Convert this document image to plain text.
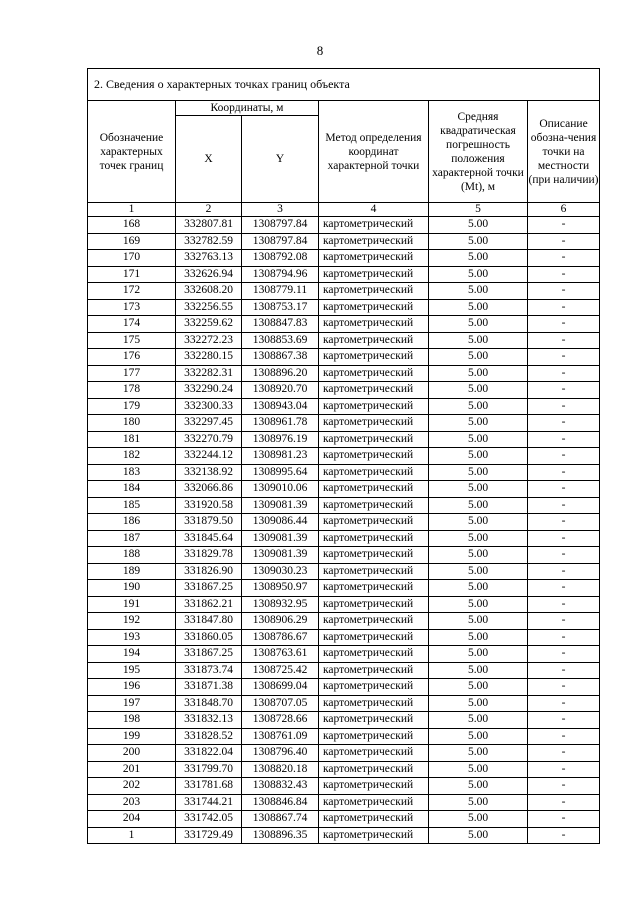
8
2. Сведения о характерных точках границ объекта					
Обозначение характерных точек границ	Координаты, м		Метод определения координат характерной точки	Средняя квадратическая погрешность положения характерной точки (Mt), м	Описание обозна-чения точки на местности (при наличии)
	X	Y			
1	2	3	4	5	6
168	332807.81	1308797.84	картометрический	5.00	-
169	332782.59	1308797.84	картометрический	5.00	-
170	332763.13	1308792.08	картометрический	5.00	-
171	332626.94	1308794.96	картометрический	5.00	-
172	332608.20	1308779.11	картометрический	5.00	-
173	332256.55	1308753.17	картометрический	5.00	-
174	332259.62	1308847.83	картометрический	5.00	-
175	332272.23	1308853.69	картометрический	5.00	-
176	332280.15	1308867.38	картометрический	5.00	-
177	332282.31	1308896.20	картометрический	5.00	-
178	332290.24	1308920.70	картометрический	5.00	-
179	332300.33	1308943.04	картометрический	5.00	-
180	332297.45	1308961.78	картометрический	5.00	-
181	332270.79	1308976.19	картометрический	5.00	-
182	332244.12	1308981.23	картометрический	5.00	-
183	332138.92	1308995.64	картометрический	5.00	-
184	332066.86	1309010.06	картометрический	5.00	-
185	331920.58	1309081.39	картометрический	5.00	-
186	331879.50	1309086.44	картометрический	5.00	-
187	331845.64	1309081.39	картометрический	5.00	-
188	331829.78	1309081.39	картометрический	5.00	-
189	331826.90	1309030.23	картометрический	5.00	-
190	331867.25	1308950.97	картометрический	5.00	-
191	331862.21	1308932.95	картометрический	5.00	-
192	331847.80	1308906.29	картометрический	5.00	-
193	331860.05	1308786.67	картометрический	5.00	-
194	331867.25	1308763.61	картометрический	5.00	-
195	331873.74	1308725.42	картометрический	5.00	-
196	331871.38	1308699.04	картометрический	5.00	-
197	331848.70	1308707.05	картометрический	5.00	-
198	331832.13	1308728.66	картометрический	5.00	-
199	331828.52	1308761.09	картометрический	5.00	-
200	331822.04	1308796.40	картометрический	5.00	-
201	331799.70	1308820.18	картометрический	5.00	-
202	331781.68	1308832.43	картометрический	5.00	-
203	331744.21	1308846.84	картометрический	5.00	-
204	331742.05	1308867.74	картометрический	5.00	-
1	331729.49	1308896.35	картометрический	5.00	-
